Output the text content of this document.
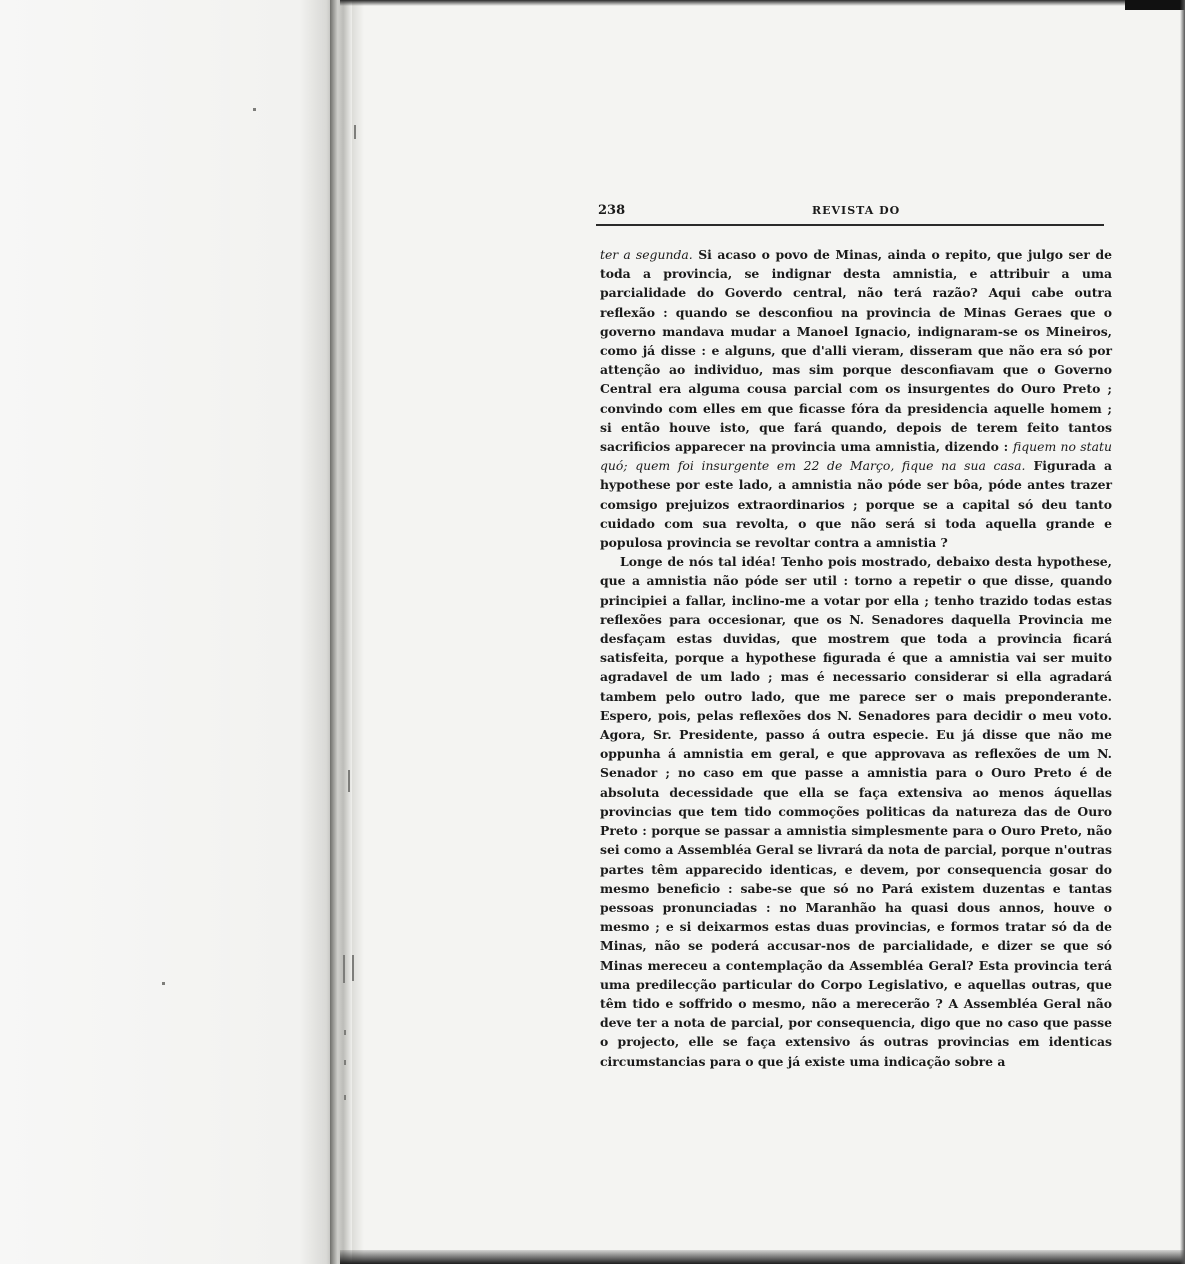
238	REVISTA DO

ter a segunda. Si acaso o povo de Minas, ainda o repito, que julgo ser de toda a provincia, se indignar desta amnistia, e attribuir a uma parcialidade do Goverdo central, não terá razão? Aqui cabe outra reflexão : quando se desconfiou na provincia de Minas Geraes que o governo mandava mudar a Manoel Ignacio, indignaram-se os Mineiros, como já disse : e alguns, que d'alli vieram, disseram que não era só por attenção ao individuo, mas sim porque desconfiavam que o Governo Central era alguma cousa parcial com os insurgentes do Ouro Preto ; convindo com elles em que ficasse fóra da presidencia aquelle homem ; si então houve isto, que fará quando, depois de terem feito tantos sacrificios apparecer na provincia uma amnistia, dizendo : fiquem no statu quó; quem foi insurgente em 22 de Março, fique na sua casa. Figurada a hypothese por este lado, a amnistia não póde ser bôa, póde antes trazer comsigo prejuizos extraordinarios ; porque se a capital só deu tanto cuidado com sua revolta, o que não será si toda aquella grande e populosa provincia se revoltar contra a amnistia ?

Longe de nós tal idéa! Tenho pois mostrado, debaixo desta hypothese, que a amnistia não póde ser util : torno a repetir o que disse, quando principiei a fallar, inclino-me a votar por ella ; tenho trazido todas estas reflexões para occesionar, que os N. Senadores daquella Provincia me desfaçam estas duvidas, que mostrem que toda a provincia ficará satisfeita, porque a hypothese figurada é que a amnistia vai ser muito agradavel de um lado ; mas é necessario considerar si ella agradará tambem pelo outro lado, que me parece ser o mais preponderante. Espero, pois, pelas reflexões dos N. Senadores para decidir o meu voto. Agora, Sr. Presidente, passo á outra especie. Eu já disse que não me oppunha á amnistia em geral, e que approvava as reflexões de um N. Senador ; no caso em que passe a amnistia para o Ouro Preto é de absoluta decessidade que ella se faça extensiva ao menos áquellas provincias que tem tido commoções politicas da natureza das de Ouro Preto : porque se passar a amnistia simplesmente para o Ouro Preto, não sei como a Assembléa Geral se livrará da nota de parcial, porque n'outras partes têm apparecido identicas, e devem, por consequencia gosar do mesmo beneficio : sabe-se que só no Pará existem duzentas e tantas pessoas pronunciadas : no Maranhão ha quasi dous annos, houve o mesmo ; e si deixarmos estas duas provincias, e formos tratar só da de Minas, não se poderá accusar-nos de parcialidade, e dizer se que só Minas mereceu a contemplação da Assembléa Geral? Esta provincia terá uma predilecção particular do Corpo Legislativo, e aquellas outras, que têm tido e soffrido o mesmo, não a merecerão ? A Assembléa Geral não deve ter a nota de parcial, por consequencia, digo que no caso que passe o projecto, elle se faça extensivo ás outras provincias em identicas circumstancias para o que já existe uma indicação sobre a
